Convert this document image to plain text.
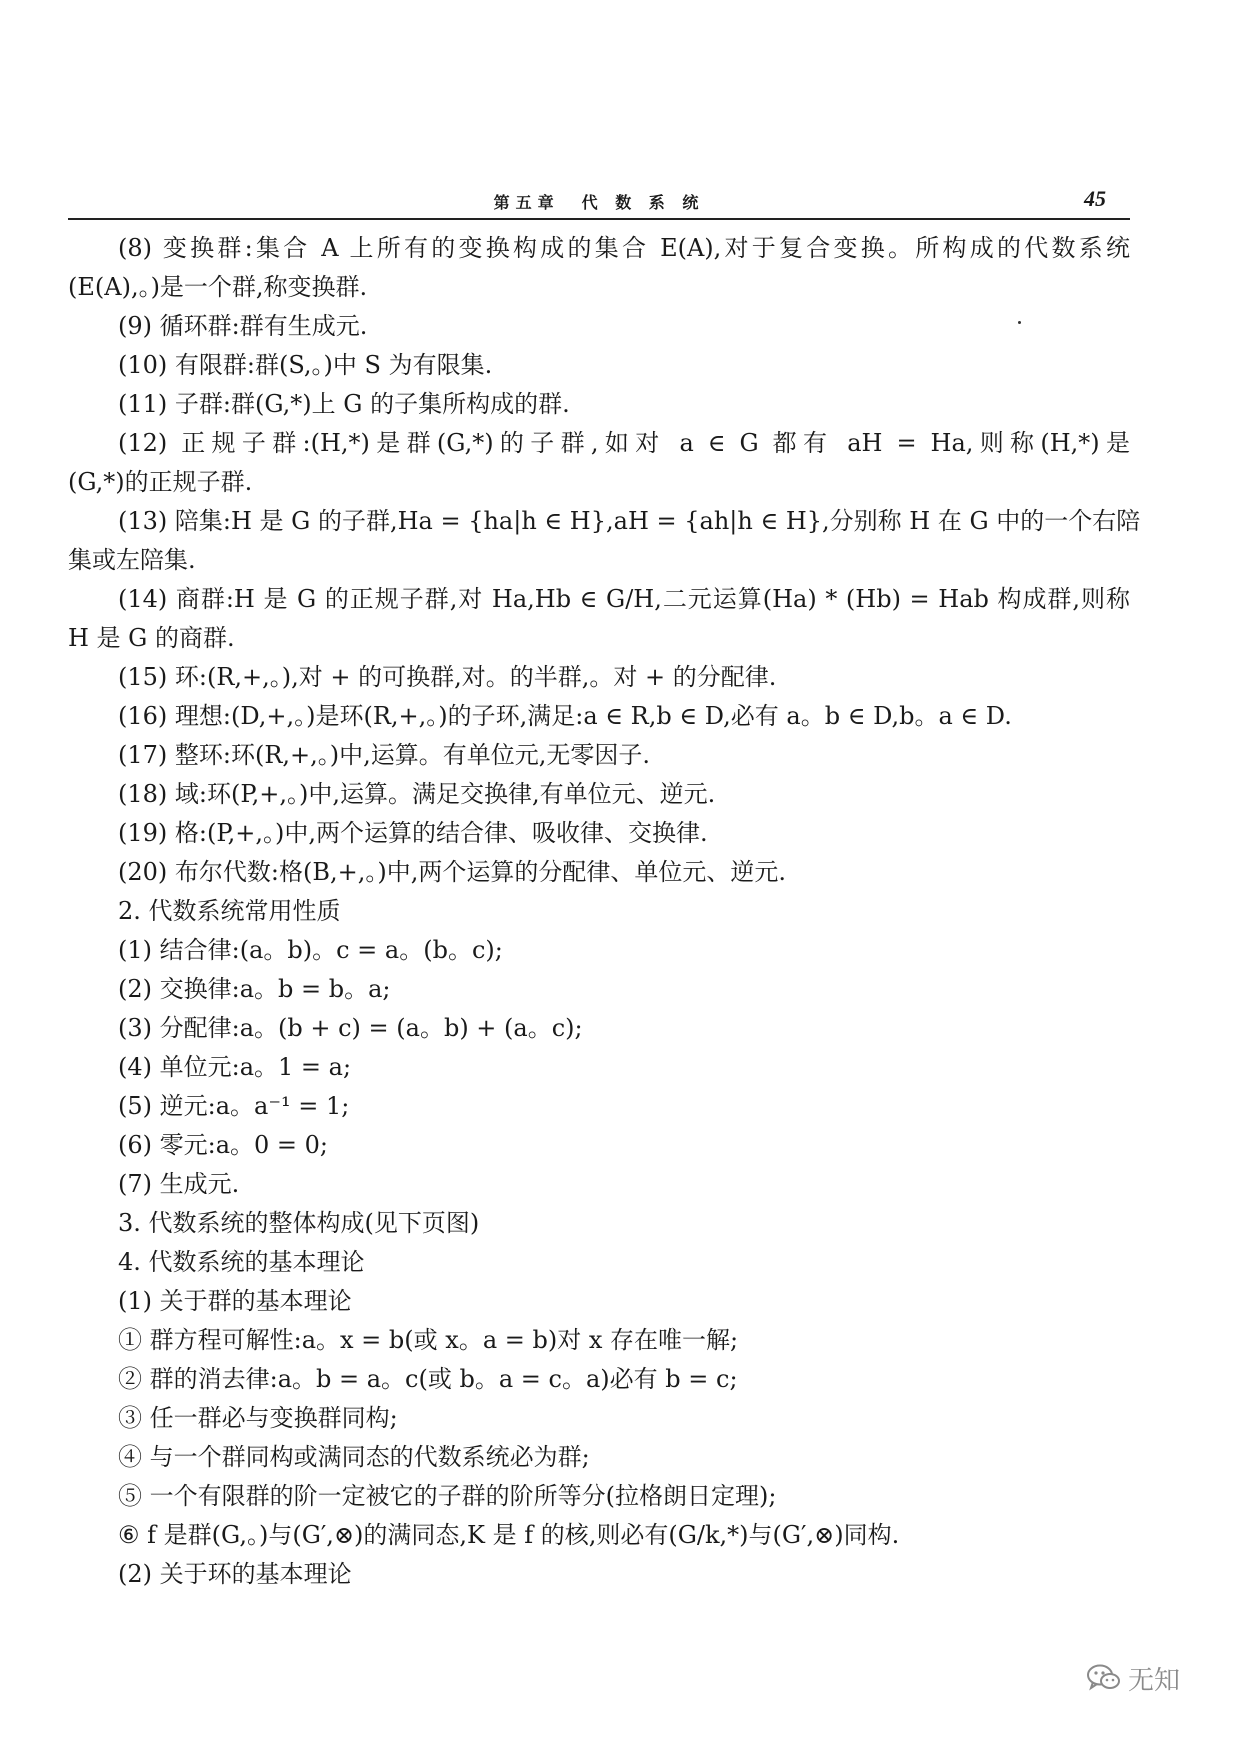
第五章　代 数 系 统	45
(8) 变换群:集合 A 上所有的变换构成的集合 E(A),对于复合变换。所构成的代数系统
(E(A),。)是一个群,称变换群.
(9) 循环群:群有生成元.
(10) 有限群:群(S,。)中 S 为有限集.
(11) 子群:群(G,*)上 G 的子集所构成的群.
(12) 正规子群:(H,*)是群(G,*)的子群,如对 a ∈ G 都有 aH = Ha,则称(H,*)是
(G,*)的正规子群.
(13) 陪集:H 是 G 的子群,Ha = {ha|h ∈ H},aH = {ah|h ∈ H},分别称 H 在 G 中的一个右陪
集或左陪集.
(14) 商群:H 是 G 的正规子群,对 Ha,Hb ∈ G/H,二元运算(Ha) * (Hb) = Hab 构成群,则称
H 是 G 的商群.
(15) 环:(R,+,。),对 + 的可换群,对。的半群,。对 + 的分配律.
(16) 理想:(D,+,。)是环(R,+,。)的子环,满足:a ∈ R,b ∈ D,必有 a。b ∈ D,b。a ∈ D.
(17) 整环:环(R,+,。)中,运算。有单位元,无零因子.
(18) 域:环(P,+,。)中,运算。满足交换律,有单位元、逆元.
(19) 格:(P,+,。)中,两个运算的结合律、吸收律、交换律.
(20) 布尔代数:格(B,+,。)中,两个运算的分配律、单位元、逆元.
2. 代数系统常用性质
(1) 结合律:(a。b)。c = a。(b。c);
(2) 交换律:a。b = b。a;
(3) 分配律:a。(b + c) = (a。b) + (a。c);
(4) 单位元:a。1 = a;
(5) 逆元:a。a⁻¹ = 1;
(6) 零元:a。0 = 0;
(7) 生成元.
3. 代数系统的整体构成(见下页图)
4. 代数系统的基本理论
(1) 关于群的基本理论
① 群方程可解性:a。x = b(或 x。a = b)对 x 存在唯一解;
② 群的消去律:a。b = a。c(或 b。a = c。a)必有 b = c;
③ 任一群必与变换群同构;
④ 与一个群同构或满同态的代数系统必为群;
⑤ 一个有限群的阶一定被它的子群的阶所等分(拉格朗日定理);
⑥ f 是群(G,。)与(G′,⊗)的满同态,K 是 f 的核,则必有(G/k,*)与(G′,⊗)同构.
(2) 关于环的基本理论
无知
